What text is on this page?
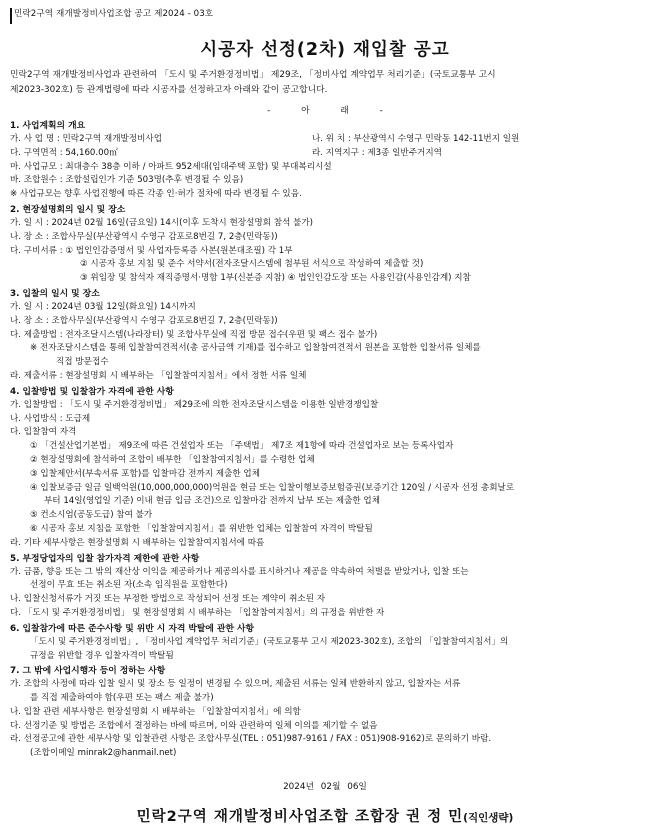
민락2구역 재개발정비사업조합 공고 제2024 - 03호
시공자 선정(2차) 재입찰 공고
민락2구역 재개발정비사업과 관련하여 「도시 및 주거환경정비법」 제29조, 「정비사업 계약업무 처리기준」(국토교통부 고시
제2023-302호) 등 관계법령에 따라 시공자를 선정하고자 아래와 같이 공고합니다.
- 아 래 -
1. 사업계획의 개요
가. 사 업 명 : 민락2구역 재개발정비사업	나. 위 치 : 부산광역시 수영구 민락동 142-11번지 일원
다. 구역면적 : 54,160.00㎡	라. 지역지구 : 제3종 일반주거지역
마. 사업규모 : 최대층수 38층 이하 / 아파트 952세대(임대주택 포함) 및 부대복리시설
바. 조합원수 : 조합설립인가 기준 503명(추후 변경될 수 있음)
※ 사업규모는 향후 사업진행에 따른 각종 인·허가 절차에 따라 변경될 수 있음.
2. 현장설명회의 일시 및 장소
가. 일 시 : 2024년 02월 16일(금요일) 14시(이후 도착시 현장설명회 참석 불가)
나. 장 소 : 조합사무실(부산광역시 수영구 감포로8번길 7, 2층(민락동))
다. 구비서류 : ① 법인인감증명서 및 사업자등록증 사본(원본대조필) 각 1부
② 시공자 홍보 지침 및 준수 서약서(전자조달시스템에 첨부된 서식으로 작성하여 제출할 것)
③ 위임장 및 참석자 재직증명서·명함 1부(신분증 지참) ④ 법인인감도장 또는 사용인감(사용인감계) 지참
3. 입찰의 일시 및 장소
가. 일 시 : 2024년 03월 12일(화요일) 14시까지
나. 장 소 : 조합사무실(부산광역시 수영구 감포로8번길 7, 2층(민락동))
다. 제출방법 : 전자조달시스템(나라장터) 및 조합사무실에 직접 방문 접수(우편 및 팩스 접수 불가)
※ 전자조달시스템을 통해 입찰참여견적서(총 공사금액 기재)를 접수하고 입찰참여견적서 원본을 포함한 입찰서류 일체를
직접 방문접수
라. 제출서류 : 현장설명회 시 배부하는 「입찰참여지침서」에서 정한 서류 일체
4. 입찰방법 및 입찰참가 자격에 관한 사항
가. 입찰방법 : 「도시 및 주거환경정비법」 제29조에 의한 전자조달시스템을 이용한 일반경쟁입찰
나. 사업방식 : 도급제
다. 입찰참여 자격
① 「건설산업기본법」 제9조에 따른 건설업자 또는 「주택법」 제7조 제1항에 따라 건설업자로 보는 등록사업자
② 현장설명회에 참석하여 조합이 배부한 「입찰참여지침서」를 수령한 업체
③ 입찰제안서(부속서류 포함)를 입찰마감 전까지 제출한 업체
④ 입찰보증금 일금 일백억원(10,000,000,000)억원을 현금 또는 입찰이행보증보험증권(보증기간 120일 / 시공자 선정 총회날로
부터 14일(영업일 기준) 이내 현금 입금 조건)으로 입찰마감 전까지 납부 또는 제출한 업체
⑤ 컨소시엄(공동도급) 참여 불가
⑥ 시공자 홍보 지침을 포함한 「입찰참여지침서」를 위반한 업체는 입찰참여 자격이 박탈됨
라. 기타 세부사항은 현장설명회 시 배부하는 입찰참여지침서에 따름
5. 부정당업자의 입찰 참가자격 제한에 관한 사항
가. 금품, 향응 또는 그 밖의 재산상 이익을 제공하거나 제공의사를 표시하거나 제공을 약속하여 처벌을 받았거나, 입찰 또는
선정이 무효 또는 취소된 자(소속 임직원을 포함한다)
나. 입찰신청서류가 거짓 또는 부정한 방법으로 작성되어 선정 또는 계약이 취소된 자
다. 「도시 및 주거환경정비법」 및 현장설명회 시 배부하는 「입찰참여지침서」의 규정을 위반한 자
6. 입찰참가에 따른 준수사항 및 위반 시 자격 박탈에 관한 사항
「도시 및 주거환경정비법」, 「정비사업 계약업무 처리기준」(국토교통부 고시 제2023-302호), 조합의 「입찰참여지침서」의
규정을 위반할 경우 입찰자격이 박탈됨
7. 그 밖에 사업시행자 등이 정하는 사항
가. 조합의 사정에 따라 입찰 일시 및 장소 등 일정이 변경될 수 있으며, 제출된 서류는 일체 반환하지 않고, 입찰자는 서류
를 직접 제출하여야 함(우편 또는 팩스 제출 불가)
나. 입찰 관련 세부사항은 현장설명회 시 배부하는 「입찰참여지침서」에 의함
다. 선정기준 및 방법은 조합에서 결정하는 바에 따르며, 이와 관련하여 일체 이의를 제기할 수 없음
라. 선정공고에 관한 세부사항 및 입찰관련 사항은 조합사무실(TEL : 051)987-9161 / FAX : 051)908-9162)로 문의하기 바람.
(조합이메일 minrak2@hanmail.net)
2024년 02월 06일
민락2구역 재개발정비사업조합 조합장 권 정 민(직인생략)
